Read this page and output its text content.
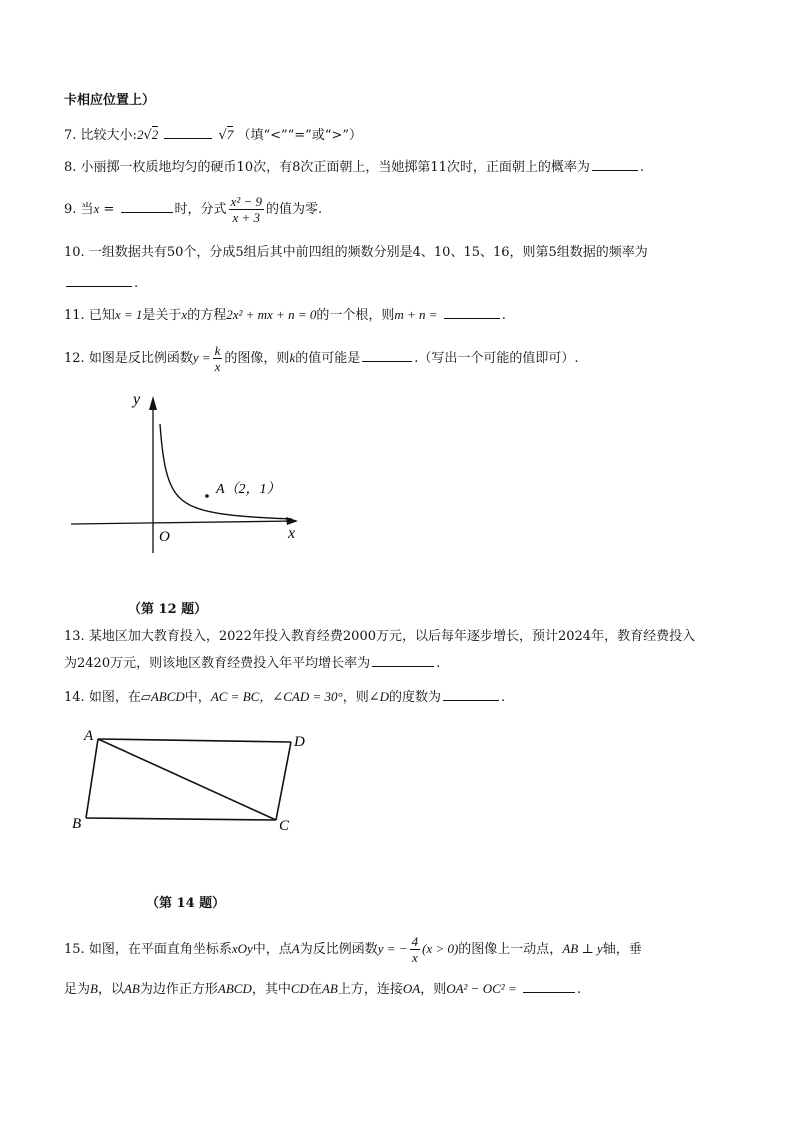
卡相应位置上）
7. 比较大小:2√2	√7 （填“<”“=”或“>”）
8. 小丽掷一枚质地均匀的硬币10次，有8次正面朝上，当她掷第11次时，正面朝上的概率为	.
9. 当x =	时，分式 $\frac{\text{x² − 9}}{x + 3}$ 的值为零.
10. 一组数据共有50个，分成5组后其中前四组的频数分别是4、10、15、16，则第5组数据的频率为
.
11. 已知x = 1是关于x的方程2x² + mx + n = 0的一个根，则m + n =	.
12. 如图是反比例函数$y = \frac{k}{x}$ 的图像，则k的值可能是	.（写出一个可能的值即可）.
A（2，1）
y
x
O
（第 12 题）
13. 某地区加大教育投入，2022年投入教育经费2000万元，以后每年逐步增长，预计2024年，教育经费投入
为2420万元，则该地区教育经费投入年平均增长率为	.
14. 如图，在▱ABCD中，AC = BC，∠CAD = 30°，则∠D的度数为	.
A	D
B	C
（第 14 题）
15. 如图，在平面直角坐标系xOy中，点A为反比例函数y = − $\frac{4}{x} (x > 0)$的图像上一动点，AB ⊥ y轴，垂
足为B，以AB为边作正方形ABCD，其中CD在AB上方，连接OA，则OA² − OC² =	.
